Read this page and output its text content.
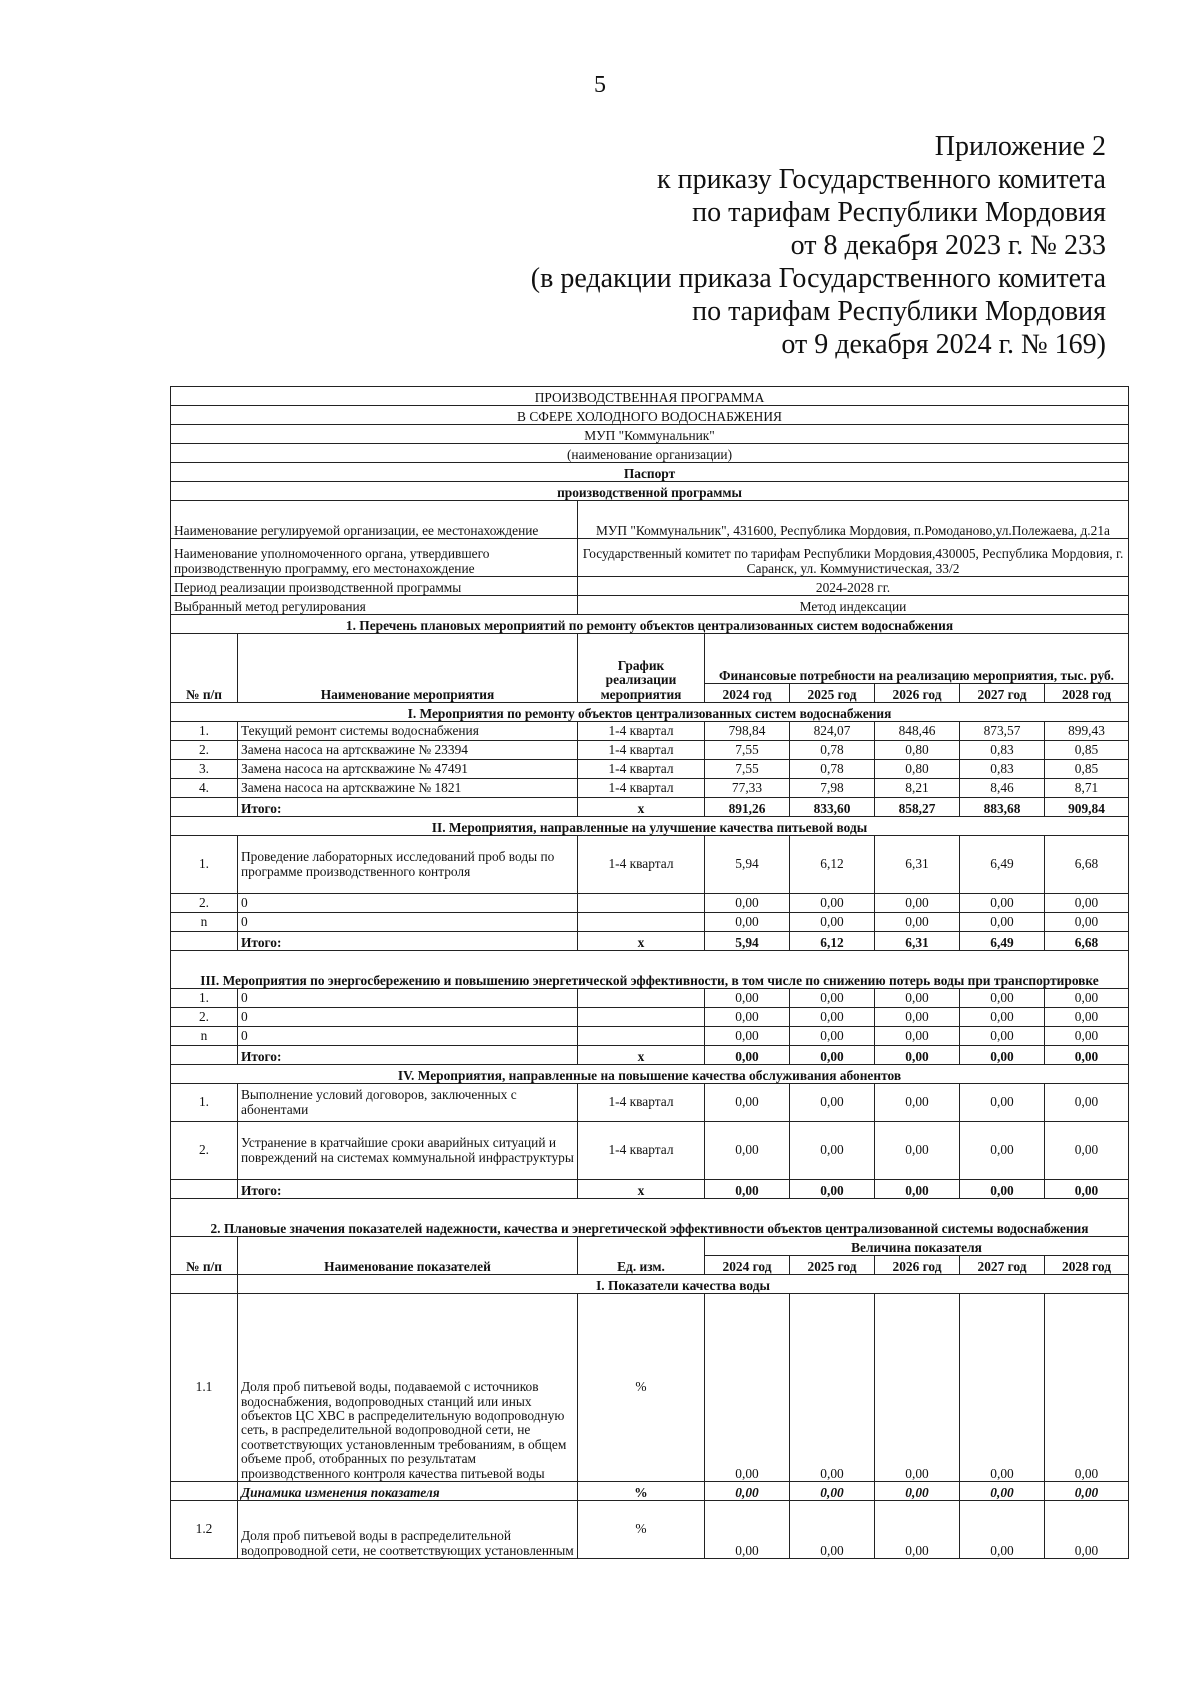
5
Приложение 2
к приказу Государственного комитета
по тарифам Республики Мордовия
от 8 декабря 2023 г. № 233
(в редакции приказа Государственного комитета
по тарифам Республики Мордовия
от 9 декабря 2024 г. № 169)
ПРОИЗВОДСТВЕННАЯ ПРОГРАММА							
В СФЕРЕ ХОЛОДНОГО ВОДОСНАБЖЕНИЯ							
МУП "Коммунальник"							
(наименование организации)							
Паспорт							
производственной программы							
Наименование регулируемой организации, ее местонахождение		МУП "Коммунальник", 431600, Республика Мордовия, п.Ромоданово,ул.Полежаева, д.21а					
Наименование уполномоченного органа, утвердившего производственную программу, его местонахождение		Государственный комитет по тарифам Республики Мордовия,430005, Республика Мордовия, г. Саранск, ул. Коммунистическая, 33/2					
Период реализации производственной программы		2024-2028 гг.					
Выбранный метод регулирования		Метод индексации					
1. Перечень плановых мероприятий по ремонту объектов централизованных систем водоснабжения							
№ п/п	Наименование мероприятия	График реализации мероприятия	Финансовые потребности на реализацию мероприятия, тыс. руб.				
			2024 год	2025 год	2026 год	2027 год	2028 год
I. Мероприятия по ремонту объектов централизованных систем водоснабжения							
1.	Текущий ремонт системы водоснабжения	1-4 квартал	798,84	824,07	848,46	873,57	899,43
2.	Замена насоса на артскважине № 23394	1-4 квартал	7,55	0,78	0,80	0,83	0,85
3.	Замена насоса на артскважине № 47491	1-4 квартал	7,55	0,78	0,80	0,83	0,85
4.	Замена насоса на артскважине № 1821	1-4 квартал	77,33	7,98	8,21	8,46	8,71
	Итого:	х	891,26	833,60	858,27	883,68	909,84
II. Мероприятия, направленные на улучшение качества питьевой воды							
1.	Проведение лабораторных исследований проб воды по программе производственного контроля	1-4 квартал	5,94	6,12	6,31	6,49	6,68
2.	0		0,00	0,00	0,00	0,00	0,00
n	0		0,00	0,00	0,00	0,00	0,00
	Итого:	х	5,94	6,12	6,31	6,49	6,68
III. Мероприятия по энергосбережению и повышению энергетической эффективности, в том числе по снижению потерь воды при транспортировке							
1.	0		0,00	0,00	0,00	0,00	0,00
2.	0		0,00	0,00	0,00	0,00	0,00
n	0		0,00	0,00	0,00	0,00	0,00
	Итого:	х	0,00	0,00	0,00	0,00	0,00
IV. Мероприятия, направленные на повышение качества обслуживания абонентов							
1.	Выполнение условий договоров, заключенных с абонентами	1-4 квартал	0,00	0,00	0,00	0,00	0,00
2.	Устранение в кратчайшие сроки аварийных ситуаций и повреждений на системах коммунальной инфраструктуры	1-4 квартал	0,00	0,00	0,00	0,00	0,00
	Итого:	х	0,00	0,00	0,00	0,00	0,00
2. Плановые значения показателей надежности, качества и энергетической эффективности объектов централизованной системы водоснабжения							
№ п/п	Наименование показателей	Ед. изм.	Величина показателя				
			2024 год	2025 год	2026 год	2027 год	2028 год
	I. Показатели качества воды						
1.1	Доля проб питьевой воды, подаваемой с источников водоснабжения, водопроводных станций или иных объектов ЦС ХВС в распределительную водопроводную сеть, в распределительной водопроводной сети, не соответствующих установленным требованиям, в общем объеме проб, отобранных по результатам производственного контроля качества питьевой воды	%	0,00	0,00	0,00	0,00	0,00
	Динамика изменения показателя	%	0,00	0,00	0,00	0,00	0,00
1.2	Доля проб питьевой воды в распределительной водопроводной сети, не соответствующих установленным	%	0,00	0,00	0,00	0,00	0,00
